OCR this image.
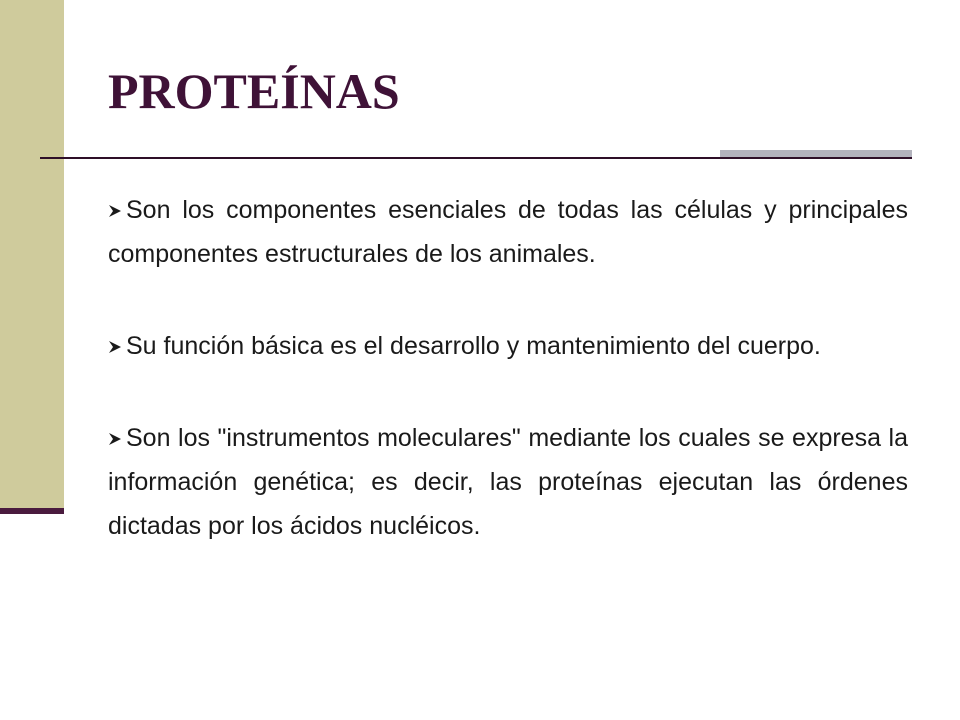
PROTEÍNAS
Son los componentes esenciales de todas las células y principales componentes estructurales de los animales.
Su función básica es el desarrollo y mantenimiento del cuerpo.
Son los "instrumentos moleculares" mediante los cuales se expresa la información genética; es decir, las proteínas ejecutan las órdenes dictadas por los ácidos nucléicos.
